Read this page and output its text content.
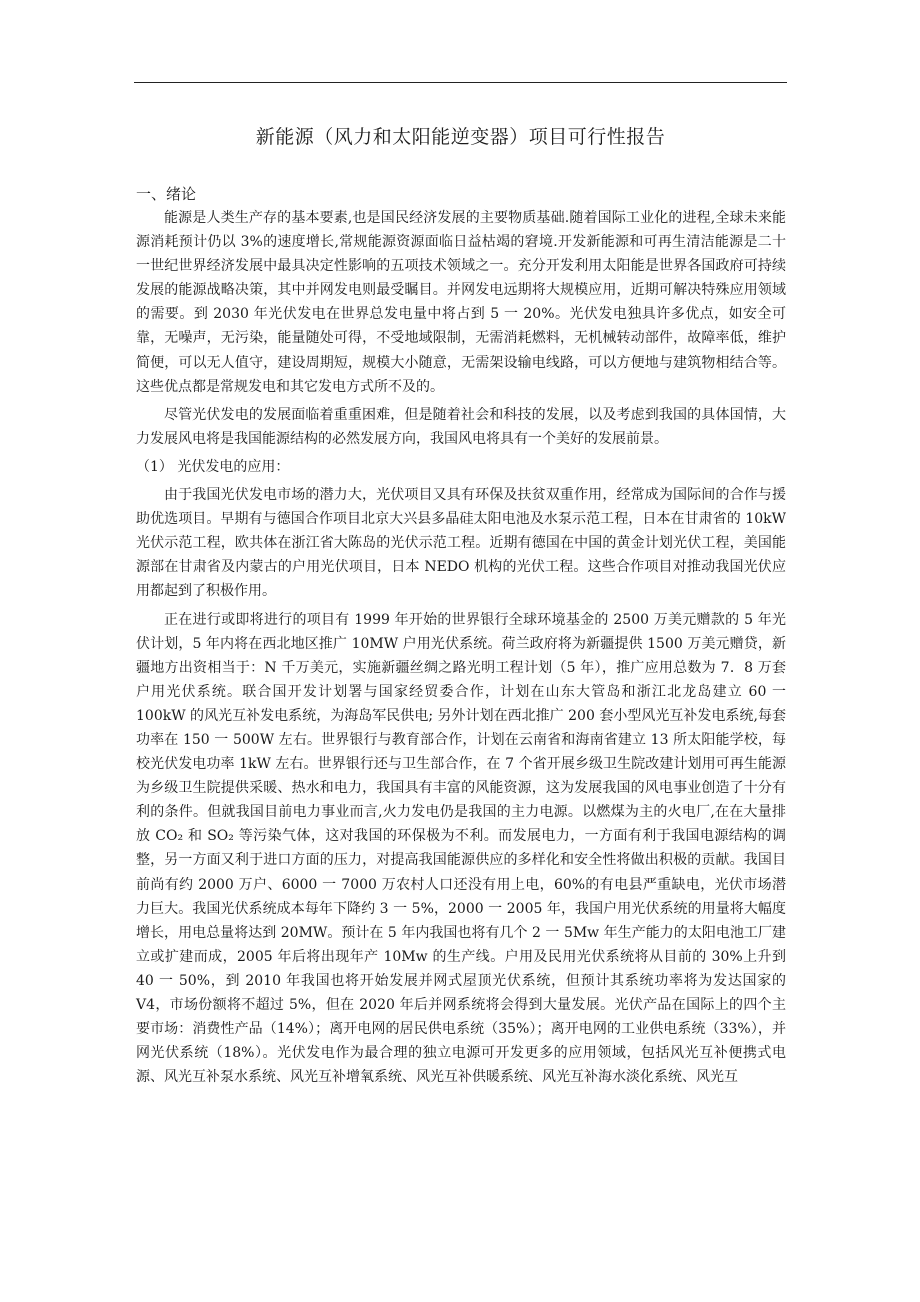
新能源（风力和太阳能逆变器）项目可行性报告
一、绪论

能源是人类生产存的基本要素,也是国民经济发展的主要物质基础.随着国际工业化的进程,全球未来能源消耗预计仍以 3%的速度增长,常规能源资源面临日益枯竭的窘境.开发新能源和可再生清洁能源是二十一世纪世界经济发展中最具决定性影响的五项技术领域之一。充分开发利用太阳能是世界各国政府可持续发展的能源战略决策，其中并网发电则最受瞩目。并网发电远期将大规模应用，近期可解决特殊应用领域的需要。到 2030 年光伏发电在世界总发电量中将占到 5 一 20%。光伏发电独具许多优点，如安全可靠，无噪声，无污染，能量随处可得，不受地域限制，无需消耗燃料，无机械转动部件，故障率低，维护简便，可以无人值守，建设周期短，规模大小随意，无需架设输电线路，可以方便地与建筑物相结合等。这些优点都是常规发电和其它发电方式所不及的。

尽管光伏发电的发展面临着重重困难，但是随着社会和科技的发展，以及考虑到我国的具体国情，大力发展风电将是我国能源结构的必然发展方向，我国风电将具有一个美好的发展前景。

（1） 光伏发电的应用：

由于我国光伏发电市场的潜力大，光伏项目又具有环保及扶贫双重作用，经常成为国际间的合作与援助优选项目。早期有与德国合作项目北京大兴县多晶硅太阳电池及水泵示范工程，日本在甘肃省的 10kW 光伏示范工程，欧共体在浙江省大陈岛的光伏示范工程。近期有德国在中国的黄金计划光伏工程，美国能源部在甘肃省及内蒙古的户用光伏项目，日本 NEDO 机构的光伏工程。这些合作项目对推动我国光伏应用都起到了积极作用。

正在进行或即将进行的项目有 1999 年开始的世界银行全球环境基金的 2500 万美元赠款的 5 年光伏计划，5 年内将在西北地区推广 10MW 户用光伏系统。荷兰政府将为新疆提供 1500 万美元赠贷，新疆地方出资相当于：N 千万美元，实施新疆丝绸之路光明工程计划（5 年），推广应用总数为 7．8 万套户用光伏系统。联合国开发计划署与国家经贸委合作，计划在山东大管岛和浙江北龙岛建立 60 一 100kW 的风光互补发电系统，为海岛军民供电; 另外计划在西北推广 200 套小型风光互补发电系统,每套功率在 150 一 500W 左右。世界银行与教育部合作，计划在云南省和海南省建立 13 所太阳能学校，每校光伏发电功率 1kW 左右。世界银行还与卫生部合作，在 7 个省开展乡级卫生院改建计划用可再生能源为乡级卫生院提供采暖、热水和电力，我国具有丰富的风能资源，这为发展我国的风电事业创造了十分有利的条件。但就我国目前电力事业而言,火力发电仍是我国的主力电源。以燃煤为主的火电厂,在在大量排放 CO₂ 和 SO₂ 等污染气体，这对我国的环保极为不利。而发展电力，一方面有利于我国电源结构的调整，另一方面又利于进口方面的压力，对提高我国能源供应的多样化和安全性将做出积极的贡献。我国目前尚有约 2000 万户、6000 一 7000 万农村人口还没有用上电，60%的有电县严重缺电，光伏市场潜力巨大。我国光伏系统成本每年下降约 3 一 5%，2000 一 2005 年，我国户用光伏系统的用量将大幅度增长，用电总量将达到 20MW。预计在 5 年内我国也将有几个 2 一 5Mw 年生产能力的太阳电池工厂建立或扩建而成，2005 年后将出现年产 10Mw 的生产线。户用及民用光伏系统将从目前的 30%上升到 40 一 50%，到 2010 年我国也将开始发展并网式屋顶光伏系统，但预计其系统功率将为发达国家的 V4，市场份额将不超过 5%，但在 2020 年后并网系统将会得到大量发展。光伏产品在国际上的四个主要市场：消费性产品（14%）；离开电网的居民供电系统（35%）；离开电网的工业供电系统（33%），并网光伏系统（18%）。光伏发电作为最合理的独立电源可开发更多的应用领域，包括风光互补便携式电源、风光互补泵水系统、风光互补增氧系统、风光互补供暖系统、风光互补海水淡化系统、风光互
